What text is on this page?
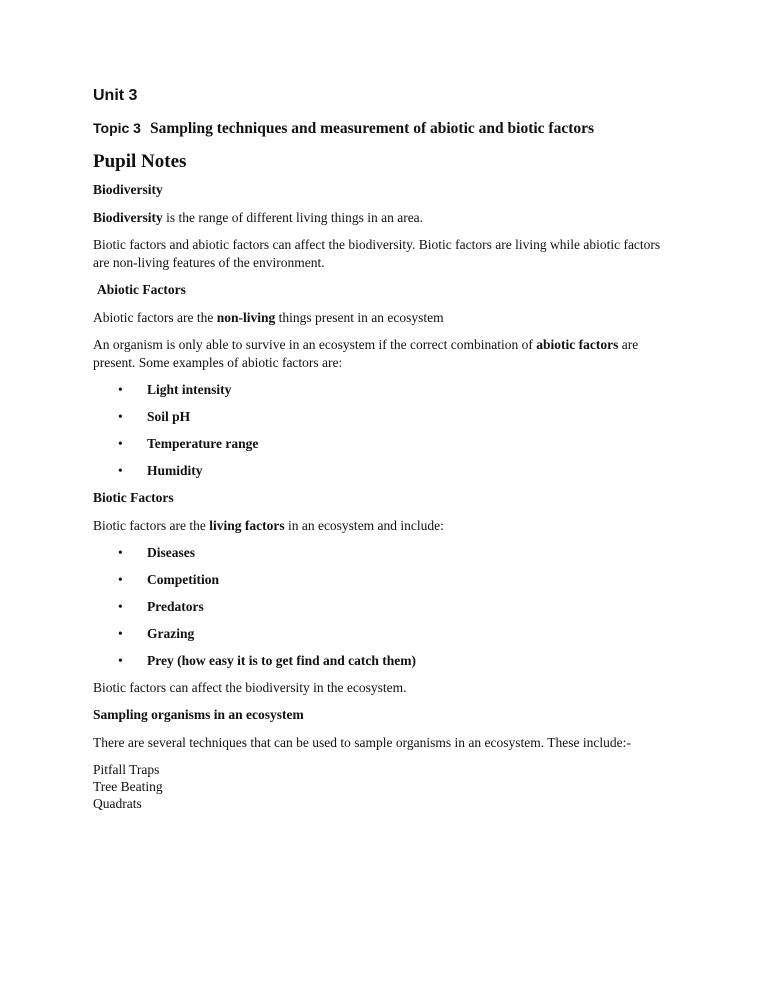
Unit 3
Topic 3 Sampling techniques and measurement of abiotic and biotic factors
Pupil Notes
Biodiversity

Biodiversity is the range of different living things in an area.

Biotic factors and abiotic factors can affect the biodiversity. Biotic factors are living while abiotic factors are non-living features of the environment.

Abiotic Factors

Abiotic factors are the non-living things present in an ecosystem

An organism is only able to survive in an ecosystem if the correct combination of abiotic factors are present. Some examples of abiotic factors are:

•	Light intensity
•	Soil pH
•	Temperature range
•	Humidity
Biotic Factors

Biotic factors are the living factors in an ecosystem and include:

•	Diseases
•	Competition
•	Predators
•	Grazing
•	Prey (how easy it is to get find and catch them)

Biotic factors can affect the biodiversity in the ecosystem.

Sampling organisms in an ecosystem

There are several techniques that can be used to sample organisms in an ecosystem. These include:-

Pitfall Traps
Tree Beating
Quadrats
